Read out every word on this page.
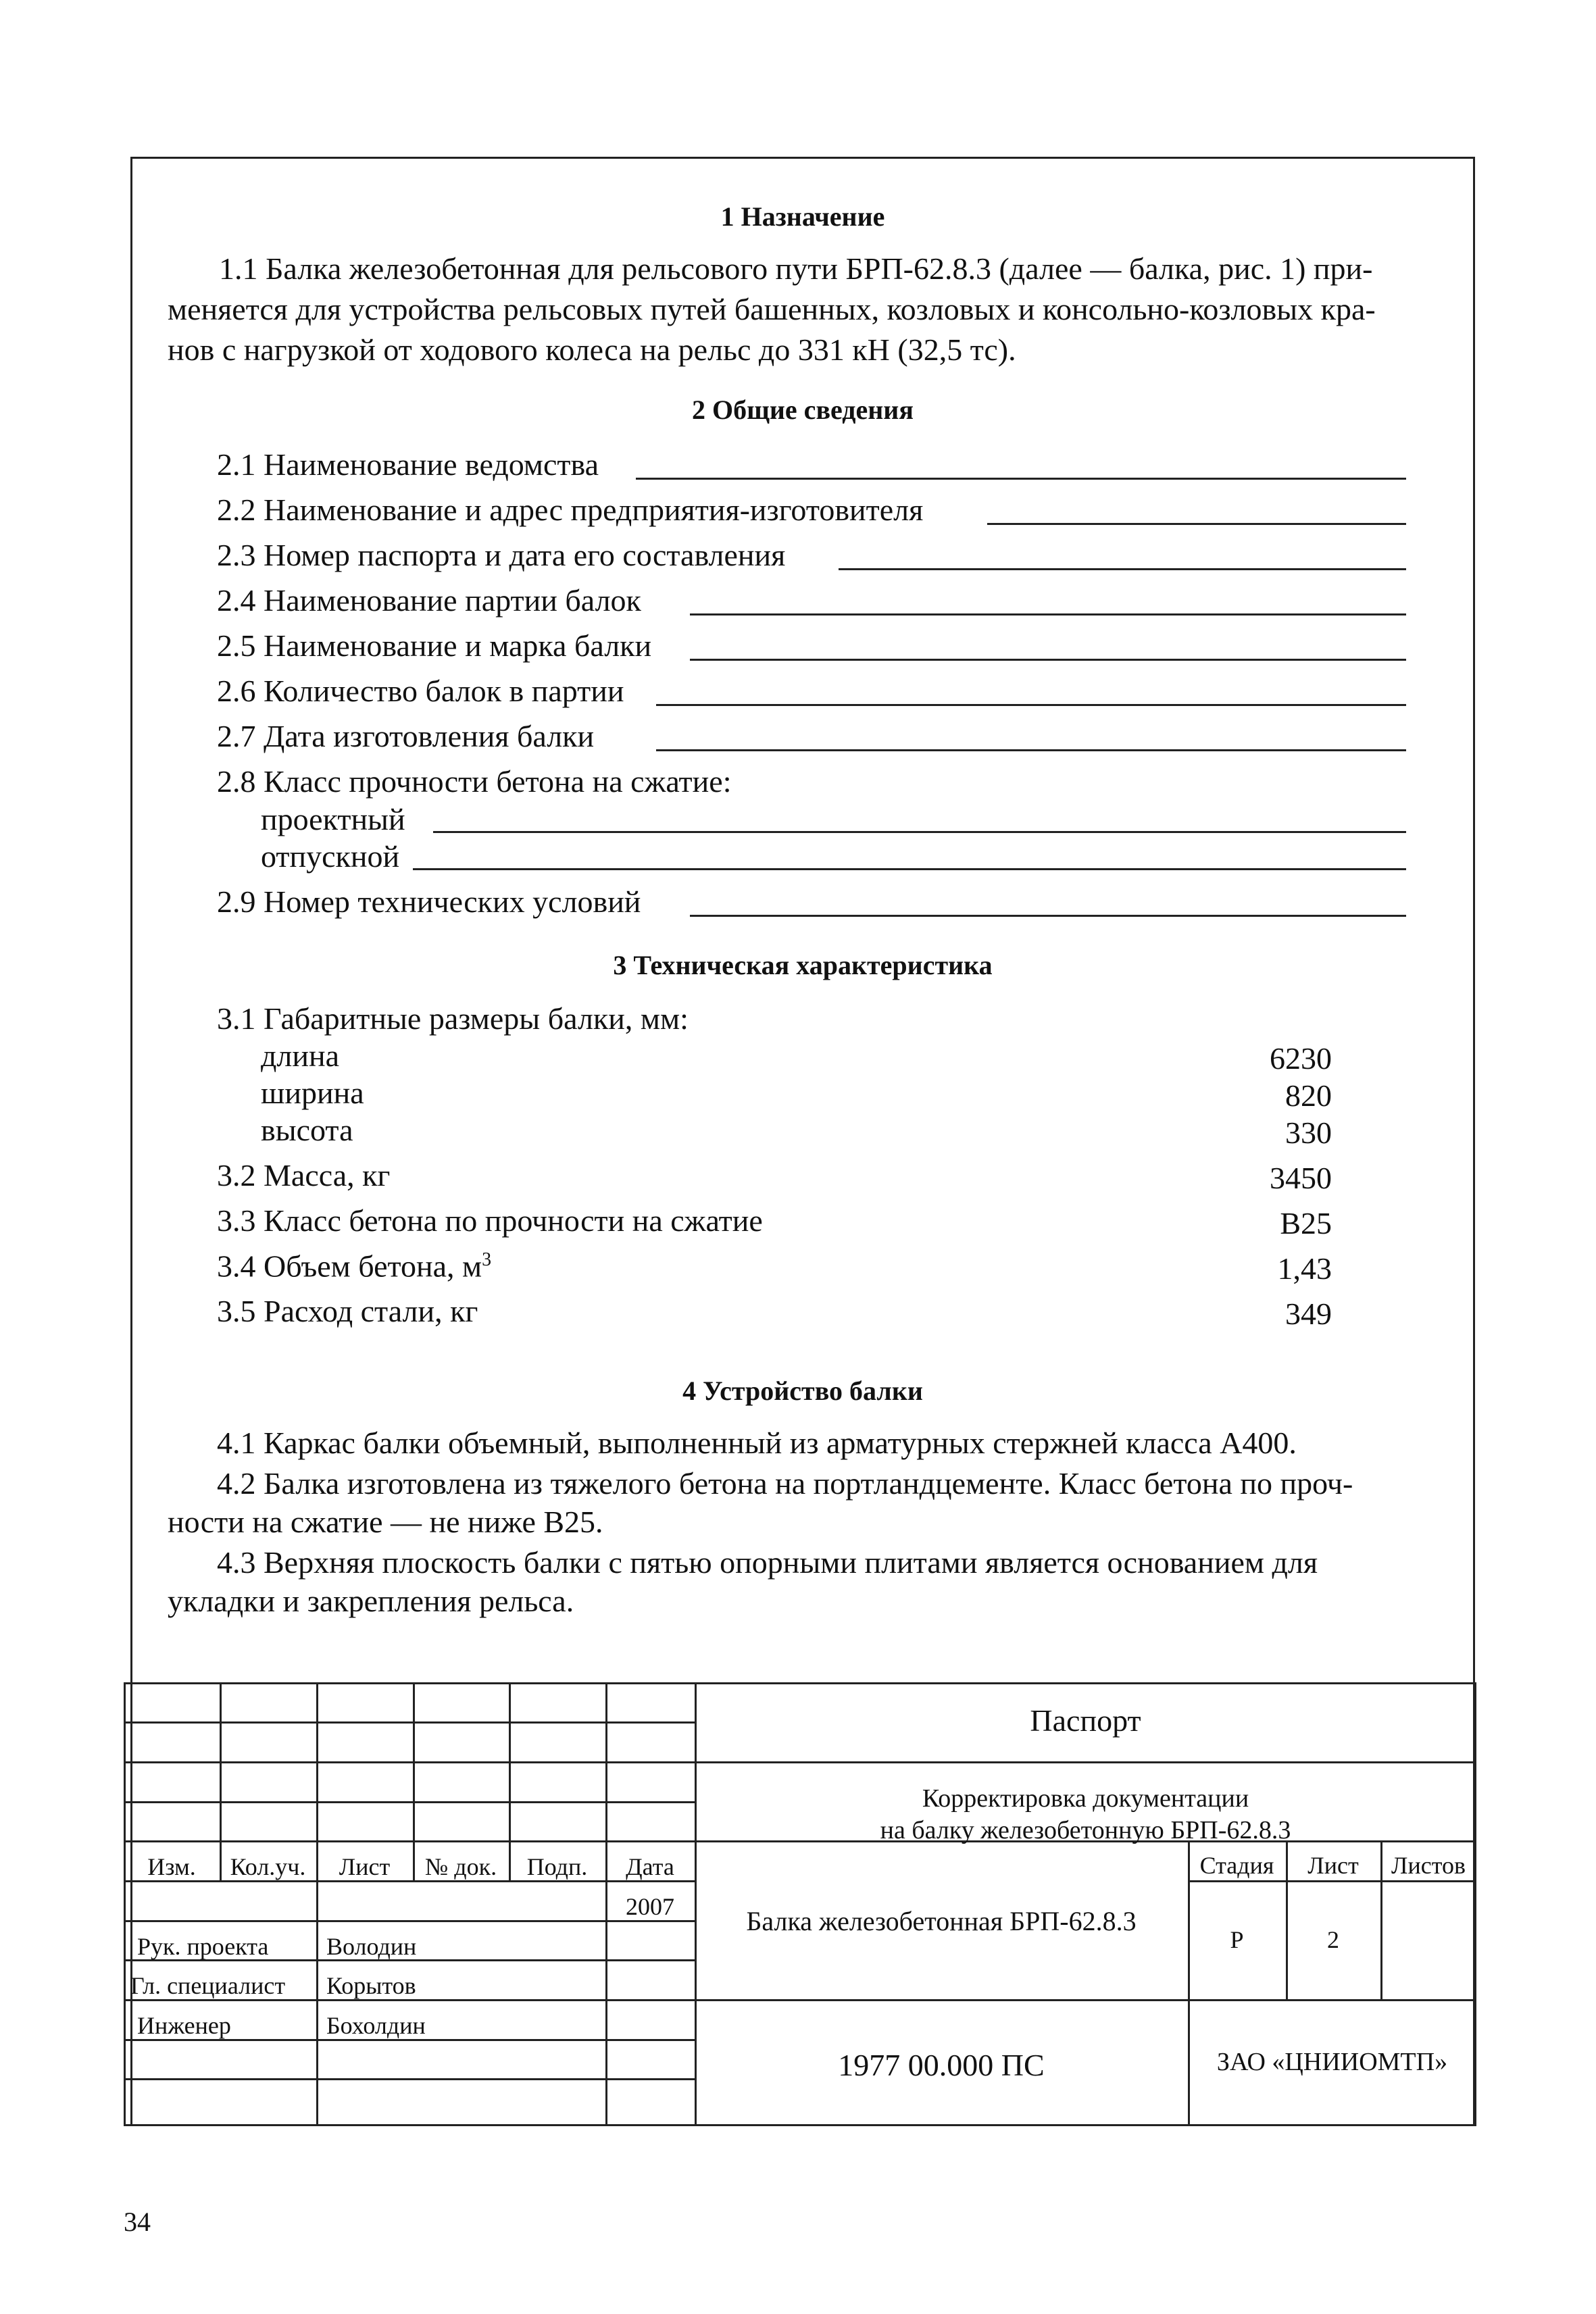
1 Назначение
1.1 Балка железобетонная для рельсового пути БРП-62.8.3 (далее — балка, рис. 1) при-
меняется для устройства рельсовых путей башенных, козловых и консольно-козловых кра-
нов с нагрузкой от ходового колеса на рельс до 331 кН (32,5 тс).
2 Общие сведения
2.1 Наименование ведомства
2.2 Наименование и адрес предприятия-изготовителя
2.3 Номер паспорта и дата его составления
2.4 Наименование партии балок
2.5 Наименование и марка балки
2.6 Количество балок в партии
2.7 Дата изготовления балки
2.8 Класс прочности бетона на сжатие:
проектный
отпускной
2.9 Номер технических условий
3 Техническая характеристика
3.1 Габаритные размеры балки, мм:
длина	6230
ширина	820
высота	330
3.2 Масса, кг	3450
3.3 Класс бетона по прочности на сжатие	В25
3.4 Объем бетона, $м^3$	1,43
3.5 Расход стали, кг	349
4 Устройство балки
4.1 Каркас балки объемный, выполненный из арматурных стержней класса А400.
4.2 Балка изготовлена из тяжелого бетона на портландцементе. Класс бетона по проч-
ности на сжатие — не ниже В25.
4.3 Верхняя плоскость балки с пятью опорными плитами является основанием для
укладки и закрепления рельса.
Изм.	Кол.уч.	Лист	№ док.	Подп.	Дата
2007
Рук. проекта Володин
Гл. специалист Корытов
Инженер	Бохолдин
Паспорт
Корректировка документации
на балку железобетонную БРП-62.8.3
Балка железобетонная БРП-62.8.3
1977 00.000 ПС
Стадия	Лист	Листов
Р	2
ЗАО «ЦНИИОМТП»
34
